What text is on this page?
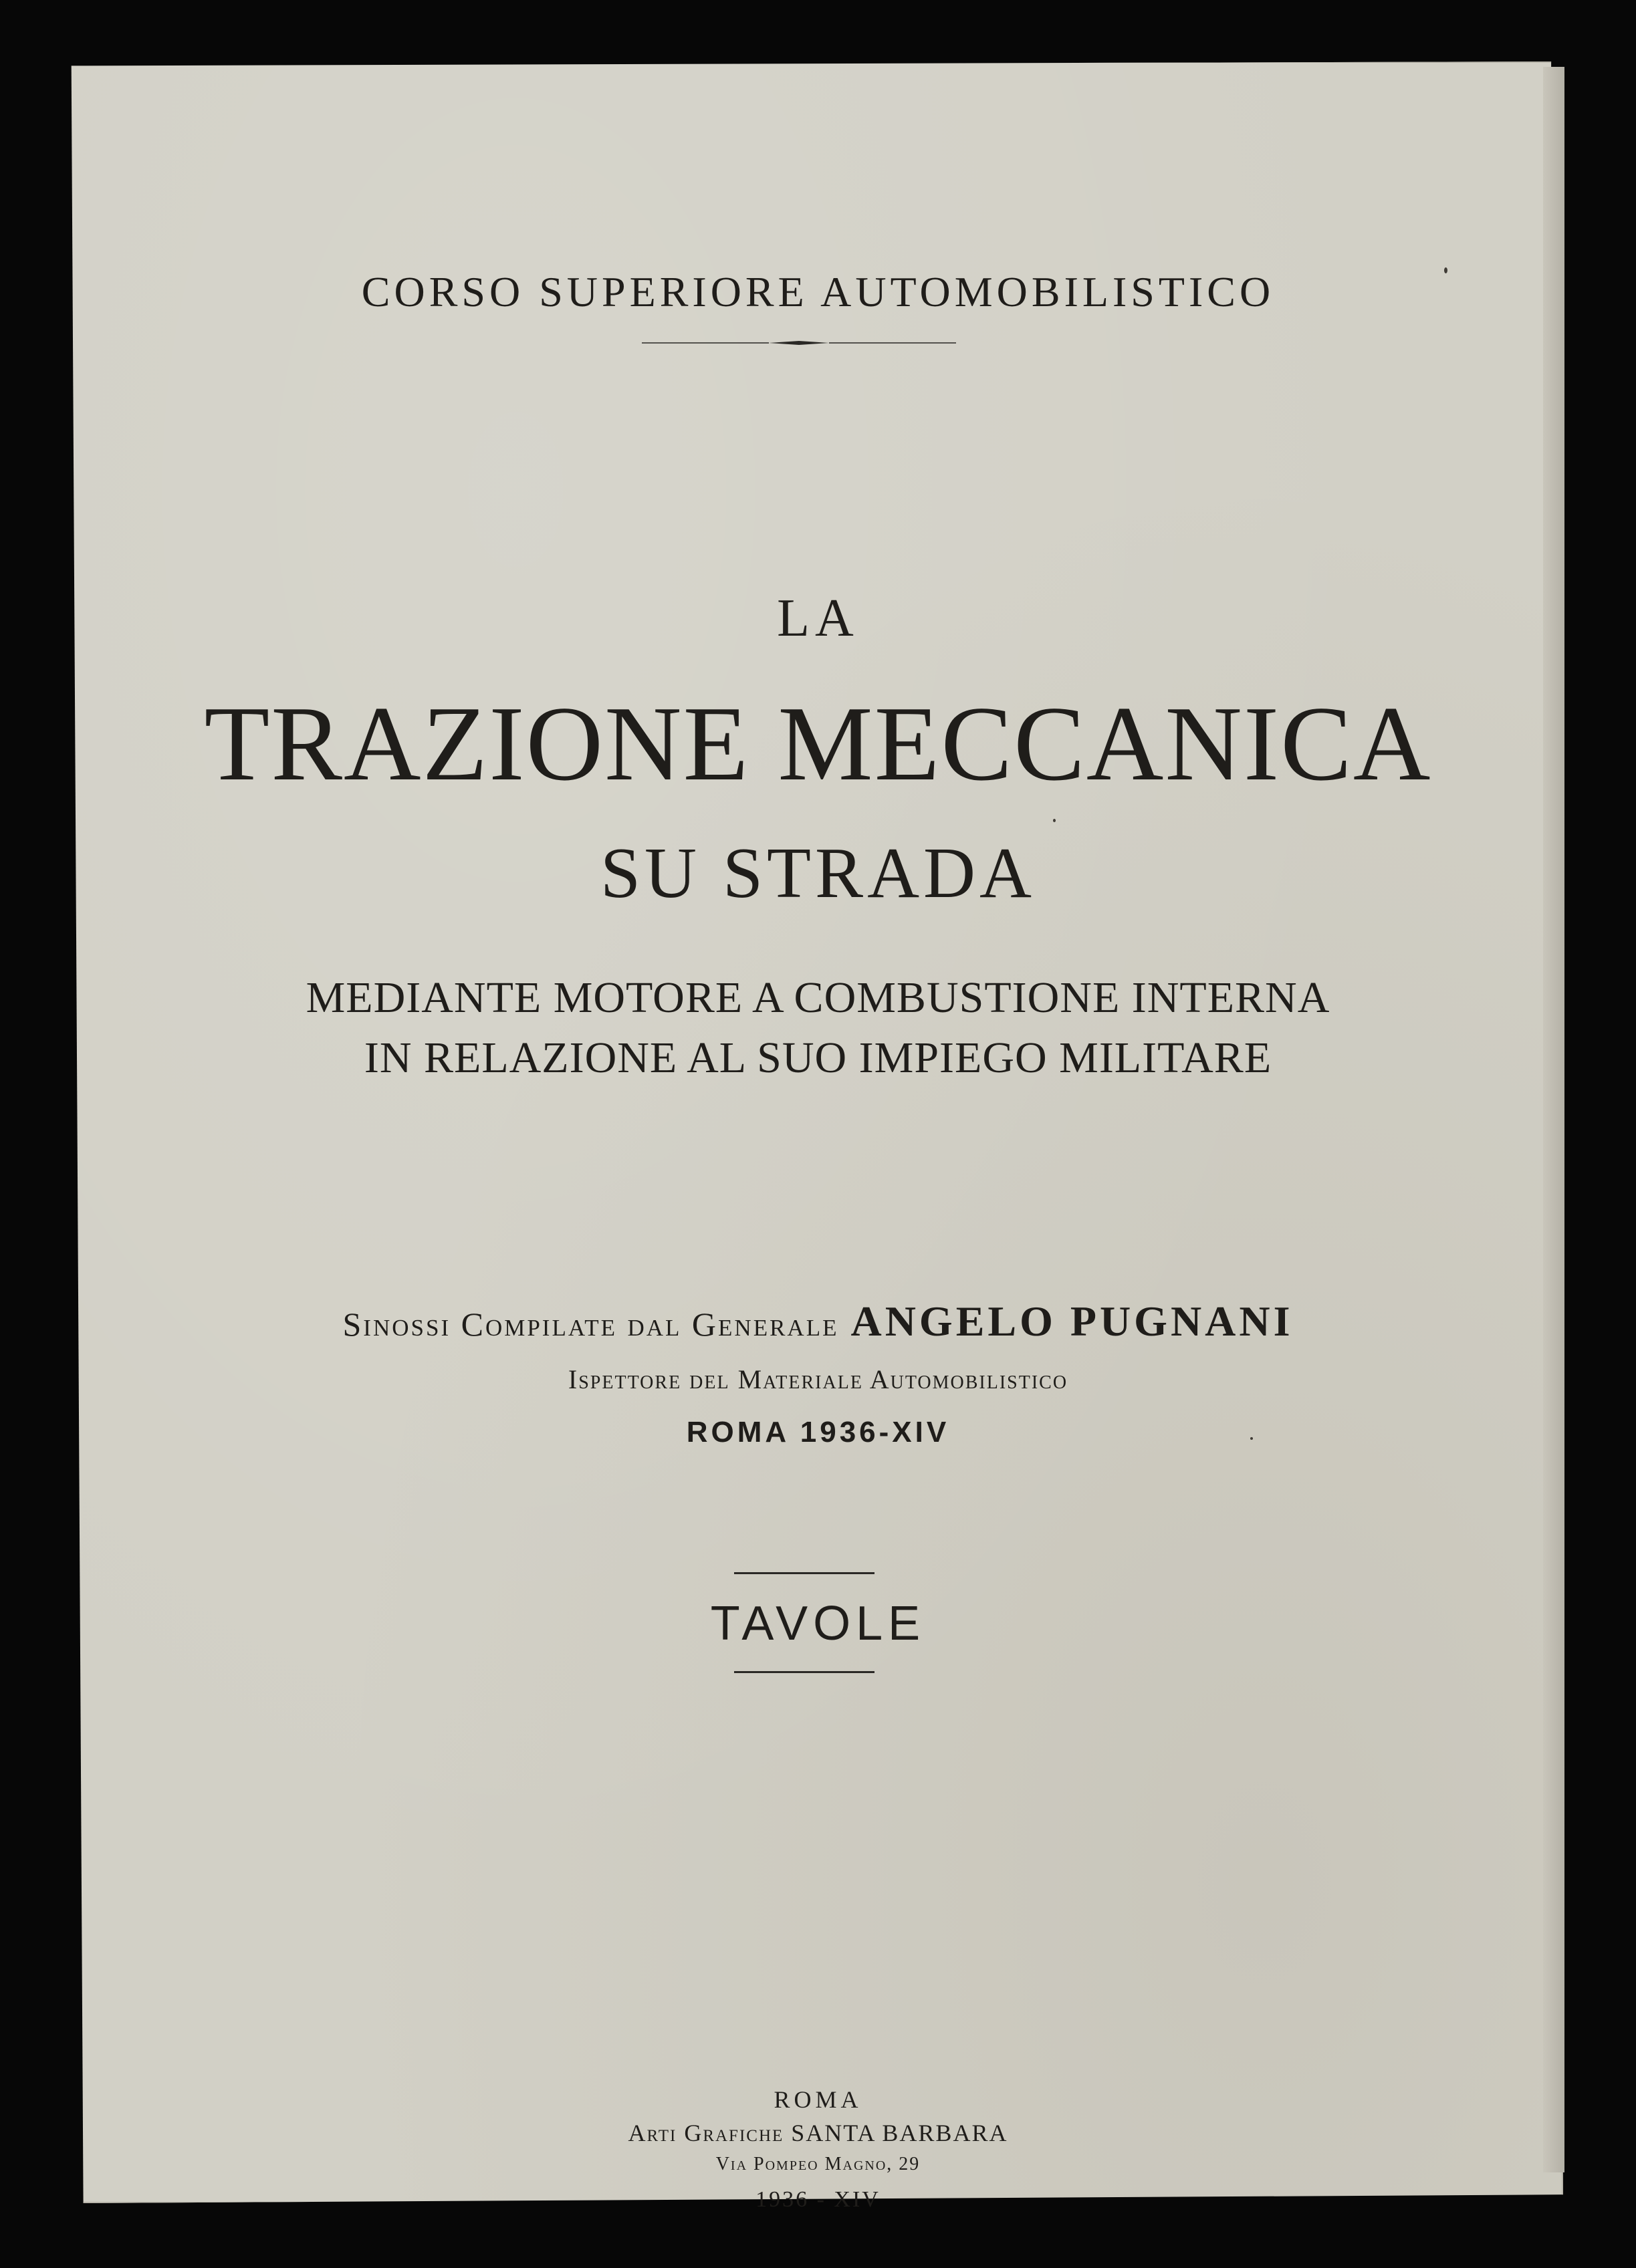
CORSO SUPERIORE AUTOMOBILISTICO
LA
TRAZIONE MECCANICA
SU STRADA
MEDIANTE MOTORE A COMBUSTIONE INTERNA
IN RELAZIONE AL SUO IMPIEGO MILITARE
Sinossi Compilate dal Generale ANGELO PUGNANI
Ispettore del Materiale Automobilistico
ROMA 1936-XIV
TAVOLE
ROMA
Arti Grafiche SANTA BARBARA
Via Pompeo Magno, 29
1936 - XIV
